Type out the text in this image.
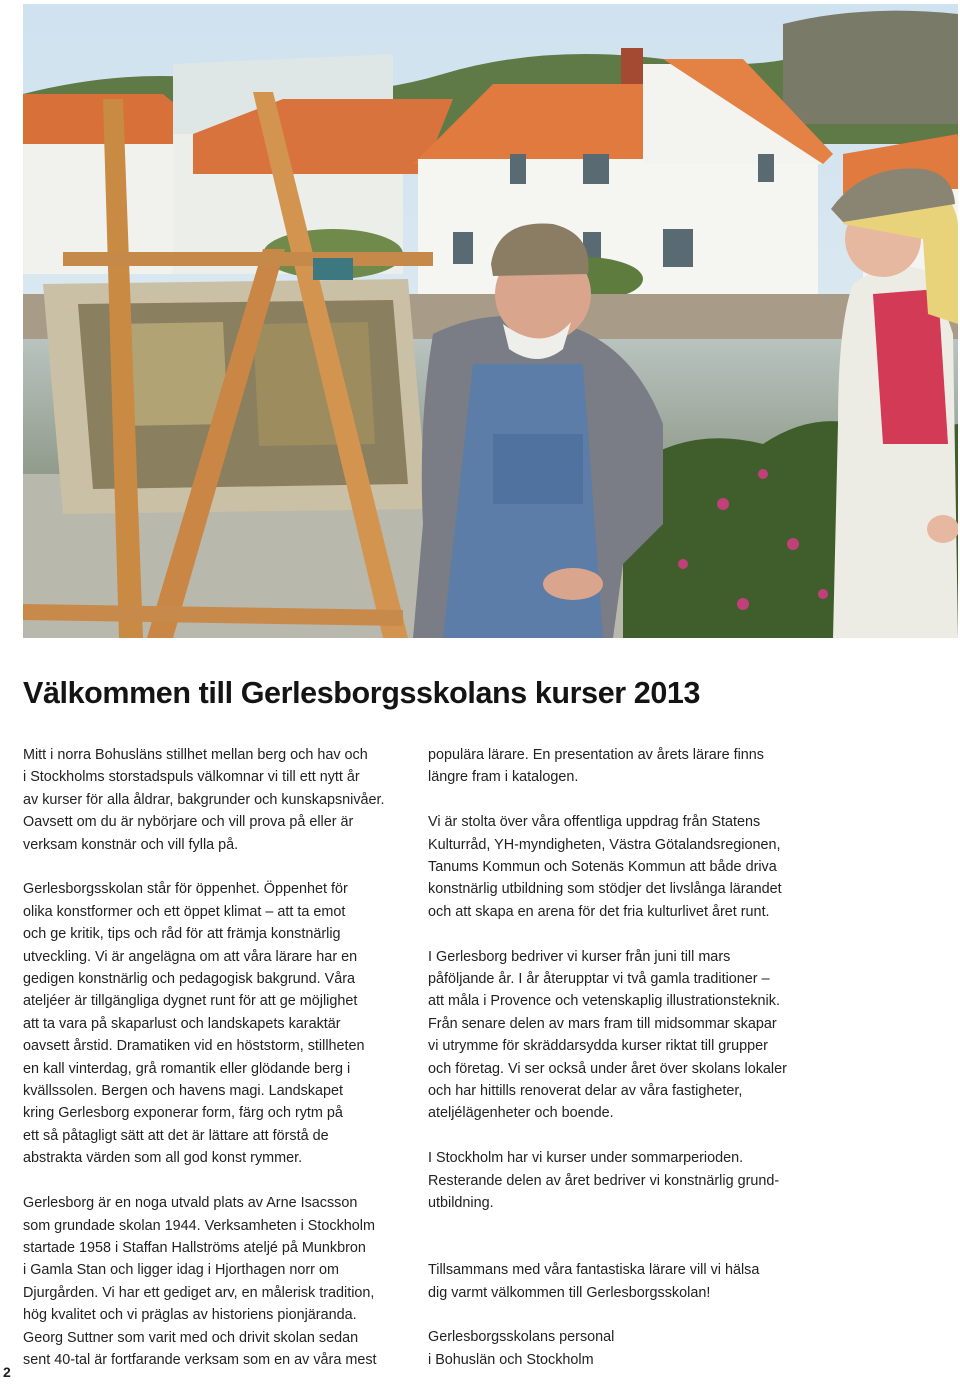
Välkommen till Gerlesborgsskolans kurser 2013

Mitt i norra Bohusläns stillhet mellan berg och hav och
i Stockholms storstadspuls välkomnar vi till ett nytt år
av kurser för alla åldrar, bakgrunder och kunskapsnivåer.
Oavsett om du är nybörjare och vill prova på eller är
verksam konstnär och vill fylla på.

Gerlesborgsskolan står för öppenhet. Öppenhet för
olika konstformer och ett öppet klimat – att ta emot
och ge kritik, tips och råd för att främja konstnärlig
utveckling. Vi är angelägna om att våra lärare har en
gedigen konstnärlig och pedagogisk bakgrund. Våra
ateljéer är tillgängliga dygnet runt för att ge möjlighet
att ta vara på skaparlust och landskapets karaktär
oavsett årstid. Dramatiken vid en höststorm, stillheten
en kall vinterdag, grå romantik eller glödande berg i
kvällssolen. Bergen och havens magi. Landskapet
kring Gerlesborg exponerar form, färg och rytm på
ett så påtagligt sätt att det är lättare att förstå de
abstrakta värden som all god konst rymmer.

Gerlesborg är en noga utvald plats av Arne Isacsson
som grundade skolan 1944. Verksamheten i Stockholm
startade 1958 i Staffan Hallströms ateljé på Munkbron
i Gamla Stan och ligger idag i Hjorthagen norr om
Djurgården. Vi har ett gediget arv, en målerisk tradition,
hög kvalitet och vi präglas av historiens pionjäranda.
Georg Suttner som varit med och drivit skolan sedan
sent 40-tal är fortfarande verksam som en av våra mest

populära lärare. En presentation av årets lärare finns
längre fram i katalogen.

Vi är stolta över våra offentliga uppdrag från Statens
Kulturråd, YH-myndigheten, Västra Götalandsregionen,
Tanums Kommun och Sotenäs Kommun att både driva
konstnärlig utbildning som stödjer det livslånga lärandet
och att skapa en arena för det fria kulturlivet året runt.

I Gerlesborg bedriver vi kurser från juni till mars
påföljande år. I år återupptar vi två gamla traditioner –
att måla i Provence och vetenskaplig illustrationsteknik.
Från senare delen av mars fram till midsommar skapar
vi utrymme för skräddarsydda kurser riktat till grupper
och företag. Vi ser också under året över skolans lokaler
och har hittills renoverat delar av våra fastigheter,
ateljélägenheter och boende.

I Stockholm har vi kurser under sommarperioden.
Resterande delen av året bedriver vi konstnärlig grund-
utbildning.

Tillsammans med våra fantastiska lärare vill vi hälsa
dig varmt välkommen till Gerlesborgsskolan!

Gerlesborgsskolans personal
i Bohuslän och Stockholm

2
